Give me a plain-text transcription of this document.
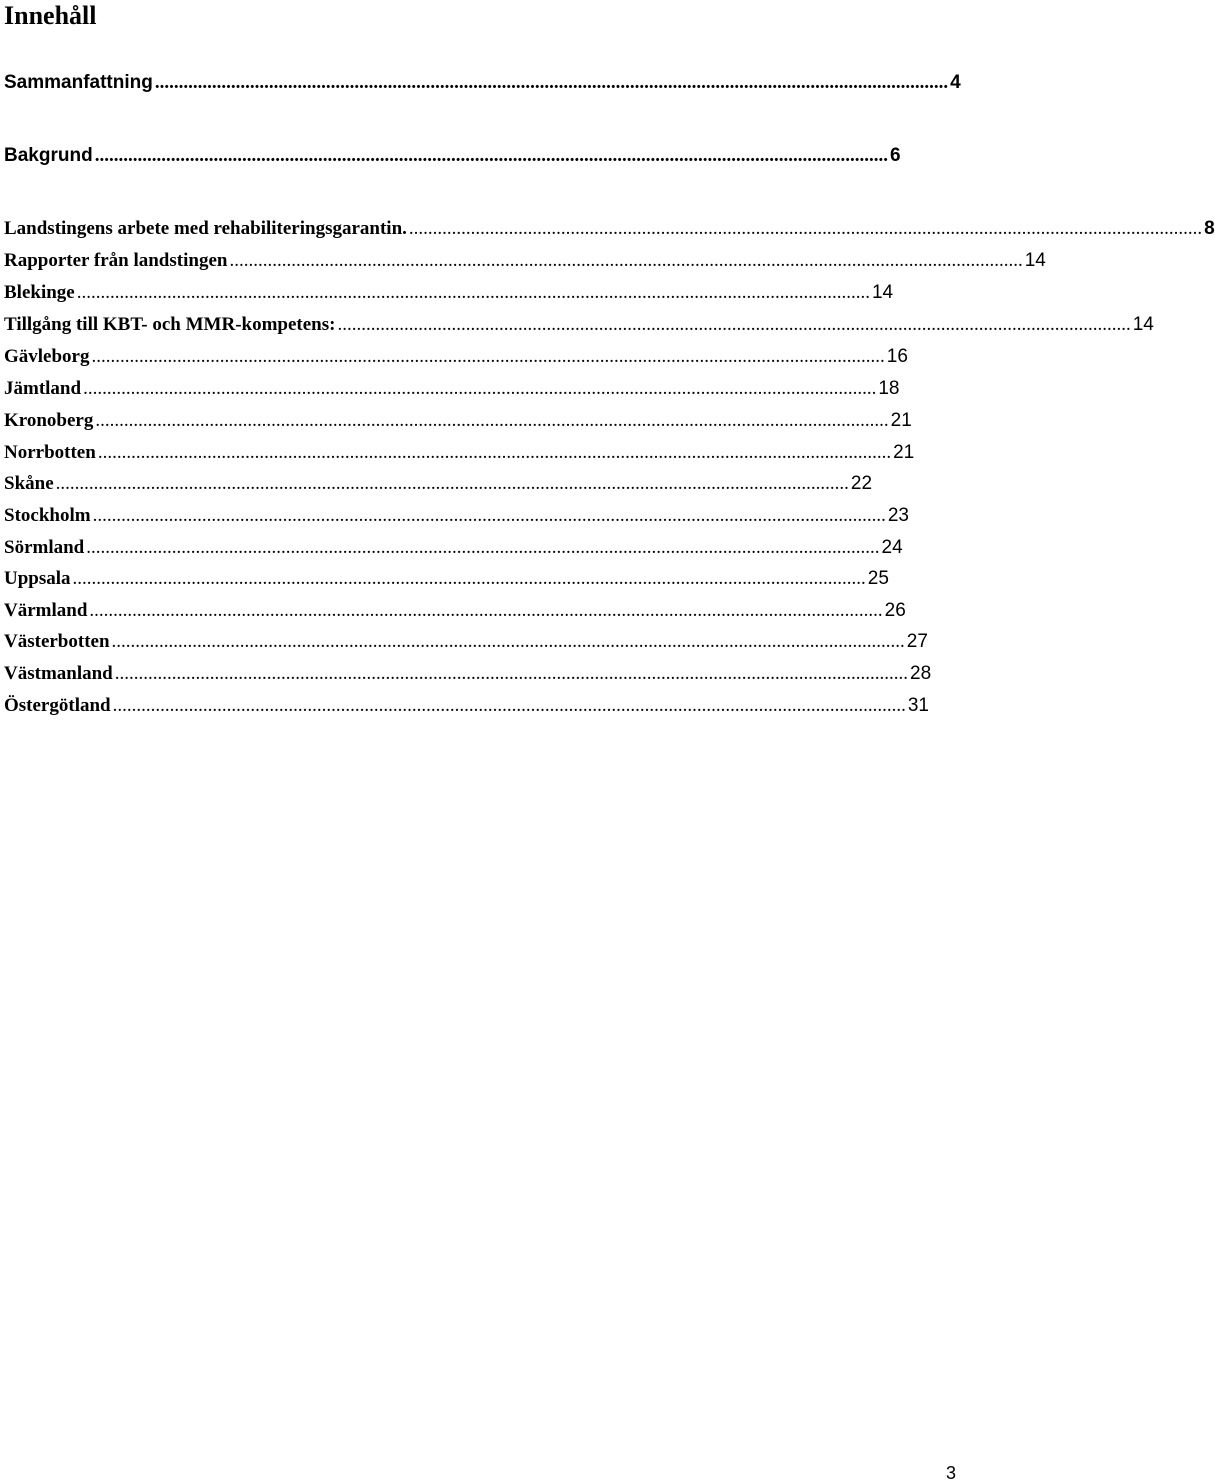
Innehåll
Sammanfattning ....................................................................................................................................................................... 4
Bakgrund ....................................................................................................................................................................... 6
Landstingens arbete med rehabiliteringsgarantin. ....................................................................................................................................................................... 8
Rapporter från landstingen ....................................................................................................................................................................... 14
Blekinge ....................................................................................................................................................................... 14
Tillgång till KBT- och MMR-kompetens: ....................................................................................................................................................................... 14
Gävleborg ....................................................................................................................................................................... 16
Jämtland ....................................................................................................................................................................... 18
Kronoberg ....................................................................................................................................................................... 21
Norrbotten ....................................................................................................................................................................... 21
Skåne ....................................................................................................................................................................... 22
Stockholm ....................................................................................................................................................................... 23
Sörmland ....................................................................................................................................................................... 24
Uppsala ....................................................................................................................................................................... 25
Värmland ....................................................................................................................................................................... 26
Västerbotten ....................................................................................................................................................................... 27
Västmanland ....................................................................................................................................................................... 28
Östergötland ....................................................................................................................................................................... 31
3
